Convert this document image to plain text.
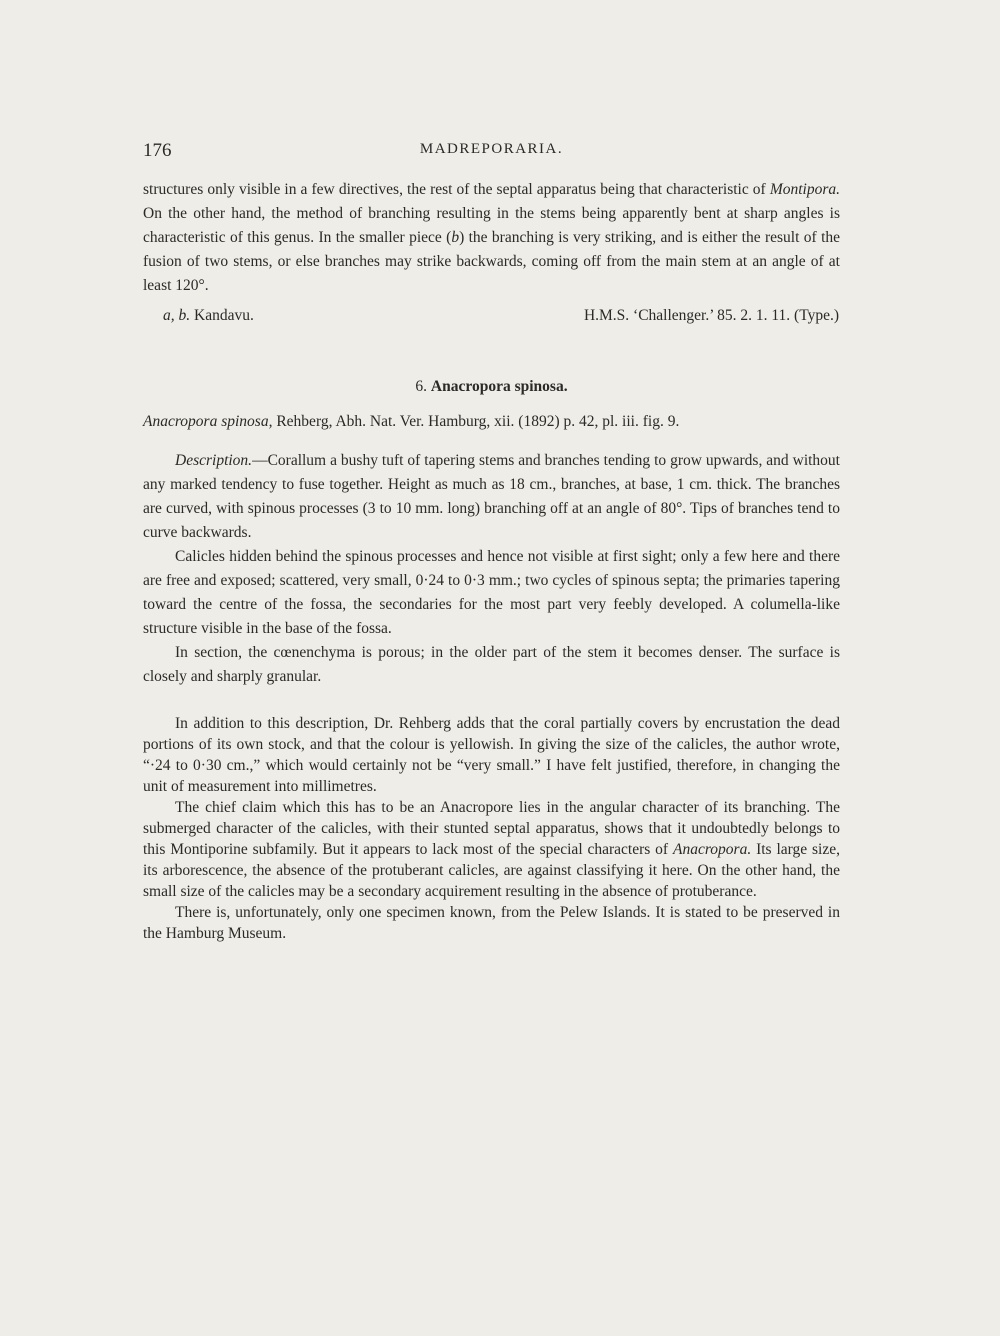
176	MADREPORARIA.

structures only visible in a few directives, the rest of the septal apparatus being that characteristic of Montipora. On the other hand, the method of branching resulting in the stems being apparently bent at sharp angles is characteristic of this genus. In the smaller piece (b) the branching is very striking, and is either the result of the fusion of two stems, or else branches may strike backwards, coming off from the main stem at an angle of at least 120°.

a, b. Kandavu.	H.M.S. ‘Challenger.’ 85. 2. 1. 11. (Type.)
6. Anacropora spinosa.
Anacropora spinosa, Rehberg, Abh. Nat. Ver. Hamburg, xii. (1892) p. 42, pl. iii. fig. 9.

Description.—Corallum a bushy tuft of tapering stems and branches tending to grow upwards, and without any marked tendency to fuse together. Height as much as 18 cm., branches, at base, 1 cm. thick. The branches are curved, with spinous processes (3 to 10 mm. long) branching off at an angle of 80°. Tips of branches tend to curve backwards.

Calicles hidden behind the spinous processes and hence not visible at first sight; only a few here and there are free and exposed; scattered, very small, 0·24 to 0·3 mm.; two cycles of spinous septa; the primaries tapering toward the centre of the fossa, the secondaries for the most part very feebly developed. A columella-like structure visible in the base of the fossa.

In section, the cœnenchyma is porous; in the older part of the stem it becomes denser. The surface is closely and sharply granular.

In addition to this description, Dr. Rehberg adds that the coral partially covers by encrustation the dead portions of its own stock, and that the colour is yellowish. In giving the size of the calicles, the author wrote, “·24 to 0·30 cm.,” which would certainly not be “very small.” I have felt justified, therefore, in changing the unit of measurement into millimetres.

The chief claim which this has to be an Anacropore lies in the angular character of its branching. The submerged character of the calicles, with their stunted septal apparatus, shows that it undoubtedly belongs to this Montiporine subfamily. But it appears to lack most of the special characters of Anacropora. Its large size, its arborescence, the absence of the protuberant calicles, are against classifying it here. On the other hand, the small size of the calicles may be a secondary acquirement resulting in the absence of protuberance.

There is, unfortunately, only one specimen known, from the Pelew Islands. It is stated to be preserved in the Hamburg Museum.
